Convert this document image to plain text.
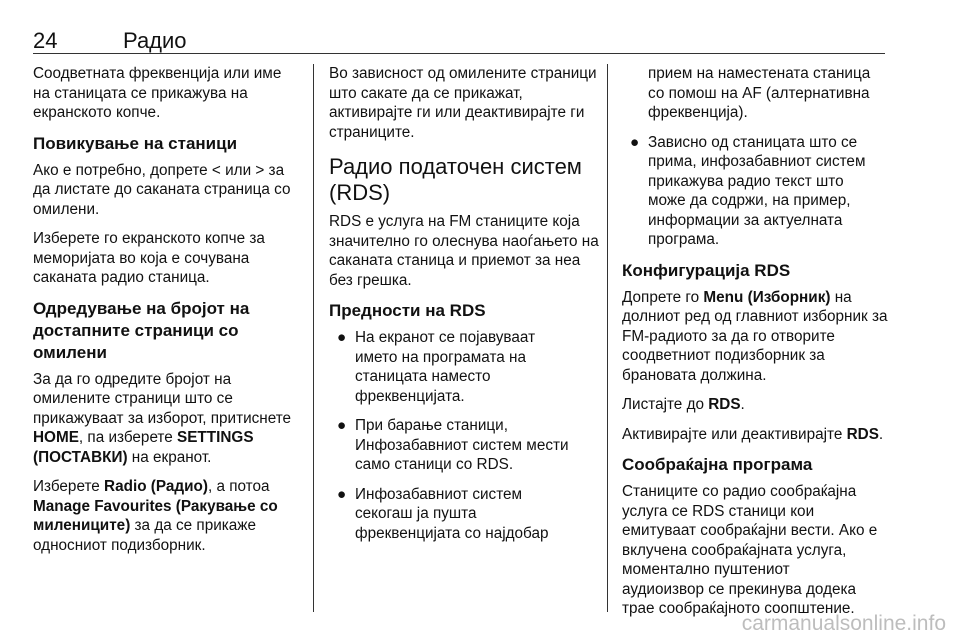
24	Радио

Соодветната фреквенција или име на станицата се прикажува на екранското копче.

Повикување на станици

Ако е потребно, допрете < или > за да листате до саканата страница со омилени.

Изберете го екранското копче за меморијата во која е сочувана саканата радио станица.

Одредување на бројот на достапните страници со омилени

За да го одредите бројот на омилените страници што се прикажуваат за изборот, притиснете HOME, па изберете SETTINGS (ПОСТАВКИ) на екранот.

Изберете Radio (Радио), а потоа Manage Favourites (Ракување со милениците) за да се прикаже односниот подизборник.

Во зависност од омилените страници што сакате да се прикажат, активирајте ги или деактивирајте ги страниците.

Радио податочен систем (RDS)

RDS е услуга на FM станиците која значително го олеснува наоѓањето на саканата станица и приемот за неа без грешка.

Предности на RDS
● На екранот се појавуваат
името на програмата на
станицата наместо
фреквенцијата.
● При барање станици,
Инфозабавниот систем мести
само станици со RDS.
● Инфозабавниот систем
секогаш ја пушта
фреквенцијата со најдобар

прием на наместената станица
со помош на AF (алтернативна
фреквенција).

● Зависно од станицата што се
прима, инфозабавниот систем
прикажува радио текст што
може да содржи, на пример,
информации за актуелната
програма.
Конфигурација RDS

Допрете го Menu (Изборник) на долниот ред од главниот изборник за FM-радиото за да го отворите соодветниот подизборник за брановата должина.

Листајте до RDS.

Активирајте или деактивирајте RDS.

Сообраќајна програма

Станиците со радио сообраќајна
услуга се RDS станици кои
емитуваат сообраќајни вести. Ако е
вклучена сообраќајната услуга,
моментално пуштениот
аудиоизвор се прекинува додека
трае сообраќајното соопштение.

carmanualsonline.info
